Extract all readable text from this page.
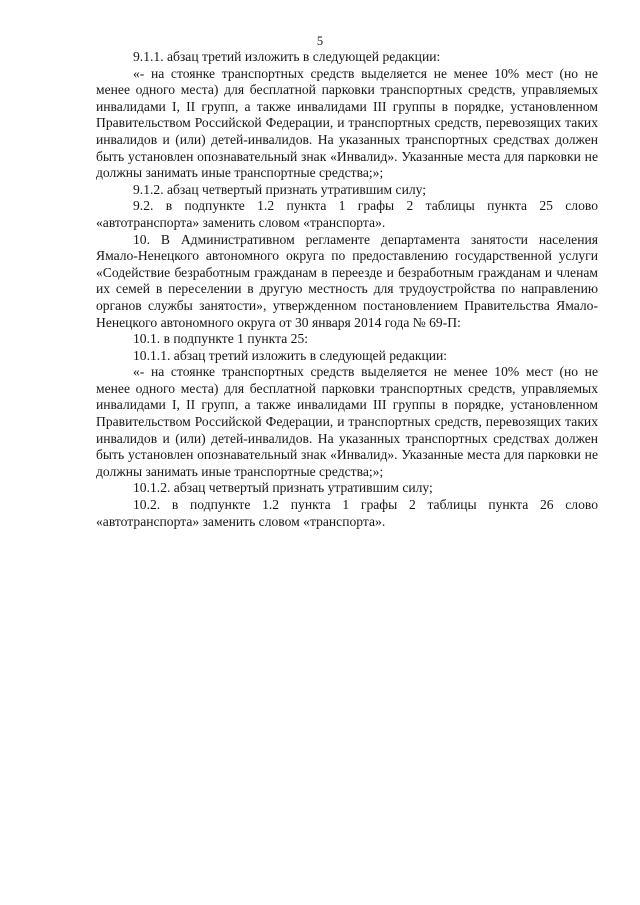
5

9.1.1. абзац третий изложить в следующей редакции:

«- на стоянке транспортных средств выделяется не менее 10% мест (но не менее одного места) для бесплатной парковки транспортных средств, управляемых инвалидами I, II групп, а также инвалидами III группы в порядке, установленном Правительством Российской Федерации, и транспортных средств, перевозящих таких инвалидов и (или) детей-инвалидов. На указанных транспортных средствах должен быть установлен опознавательный знак «Инвалид». Указанные места для парковки не должны занимать иные транспортные средства;»;

9.1.2. абзац четвертый признать утратившим силу;

9.2. в подпункте 1.2 пункта 1 графы 2 таблицы пункта 25 слово «автотранспорта» заменить словом «транспорта».

10. В Административном регламенте департамента занятости населения Ямало-Ненецкого автономного округа по предоставлению государственной услуги «Содействие безработным гражданам в переезде и безработным гражданам и членам их семей в переселении в другую местность для трудоустройства по направлению органов службы занятости», утвержденном постановлением Правительства Ямало-Ненецкого автономного округа от 30 января 2014 года № 69-П:

10.1. в подпункте 1 пункта 25:

10.1.1. абзац третий изложить в следующей редакции:

«- на стоянке транспортных средств выделяется не менее 10% мест (но не менее одного места) для бесплатной парковки транспортных средств, управляемых инвалидами I, II групп, а также инвалидами III группы в порядке, установленном Правительством Российской Федерации, и транспортных средств, перевозящих таких инвалидов и (или) детей-инвалидов. На указанных транспортных средствах должен быть установлен опознавательный знак «Инвалид». Указанные места для парковки не должны занимать иные транспортные средства;»;

10.1.2. абзац четвертый признать утратившим силу;

10.2. в подпункте 1.2 пункта 1 графы 2 таблицы пункта 26 слово «автотранспорта» заменить словом «транспорта».
